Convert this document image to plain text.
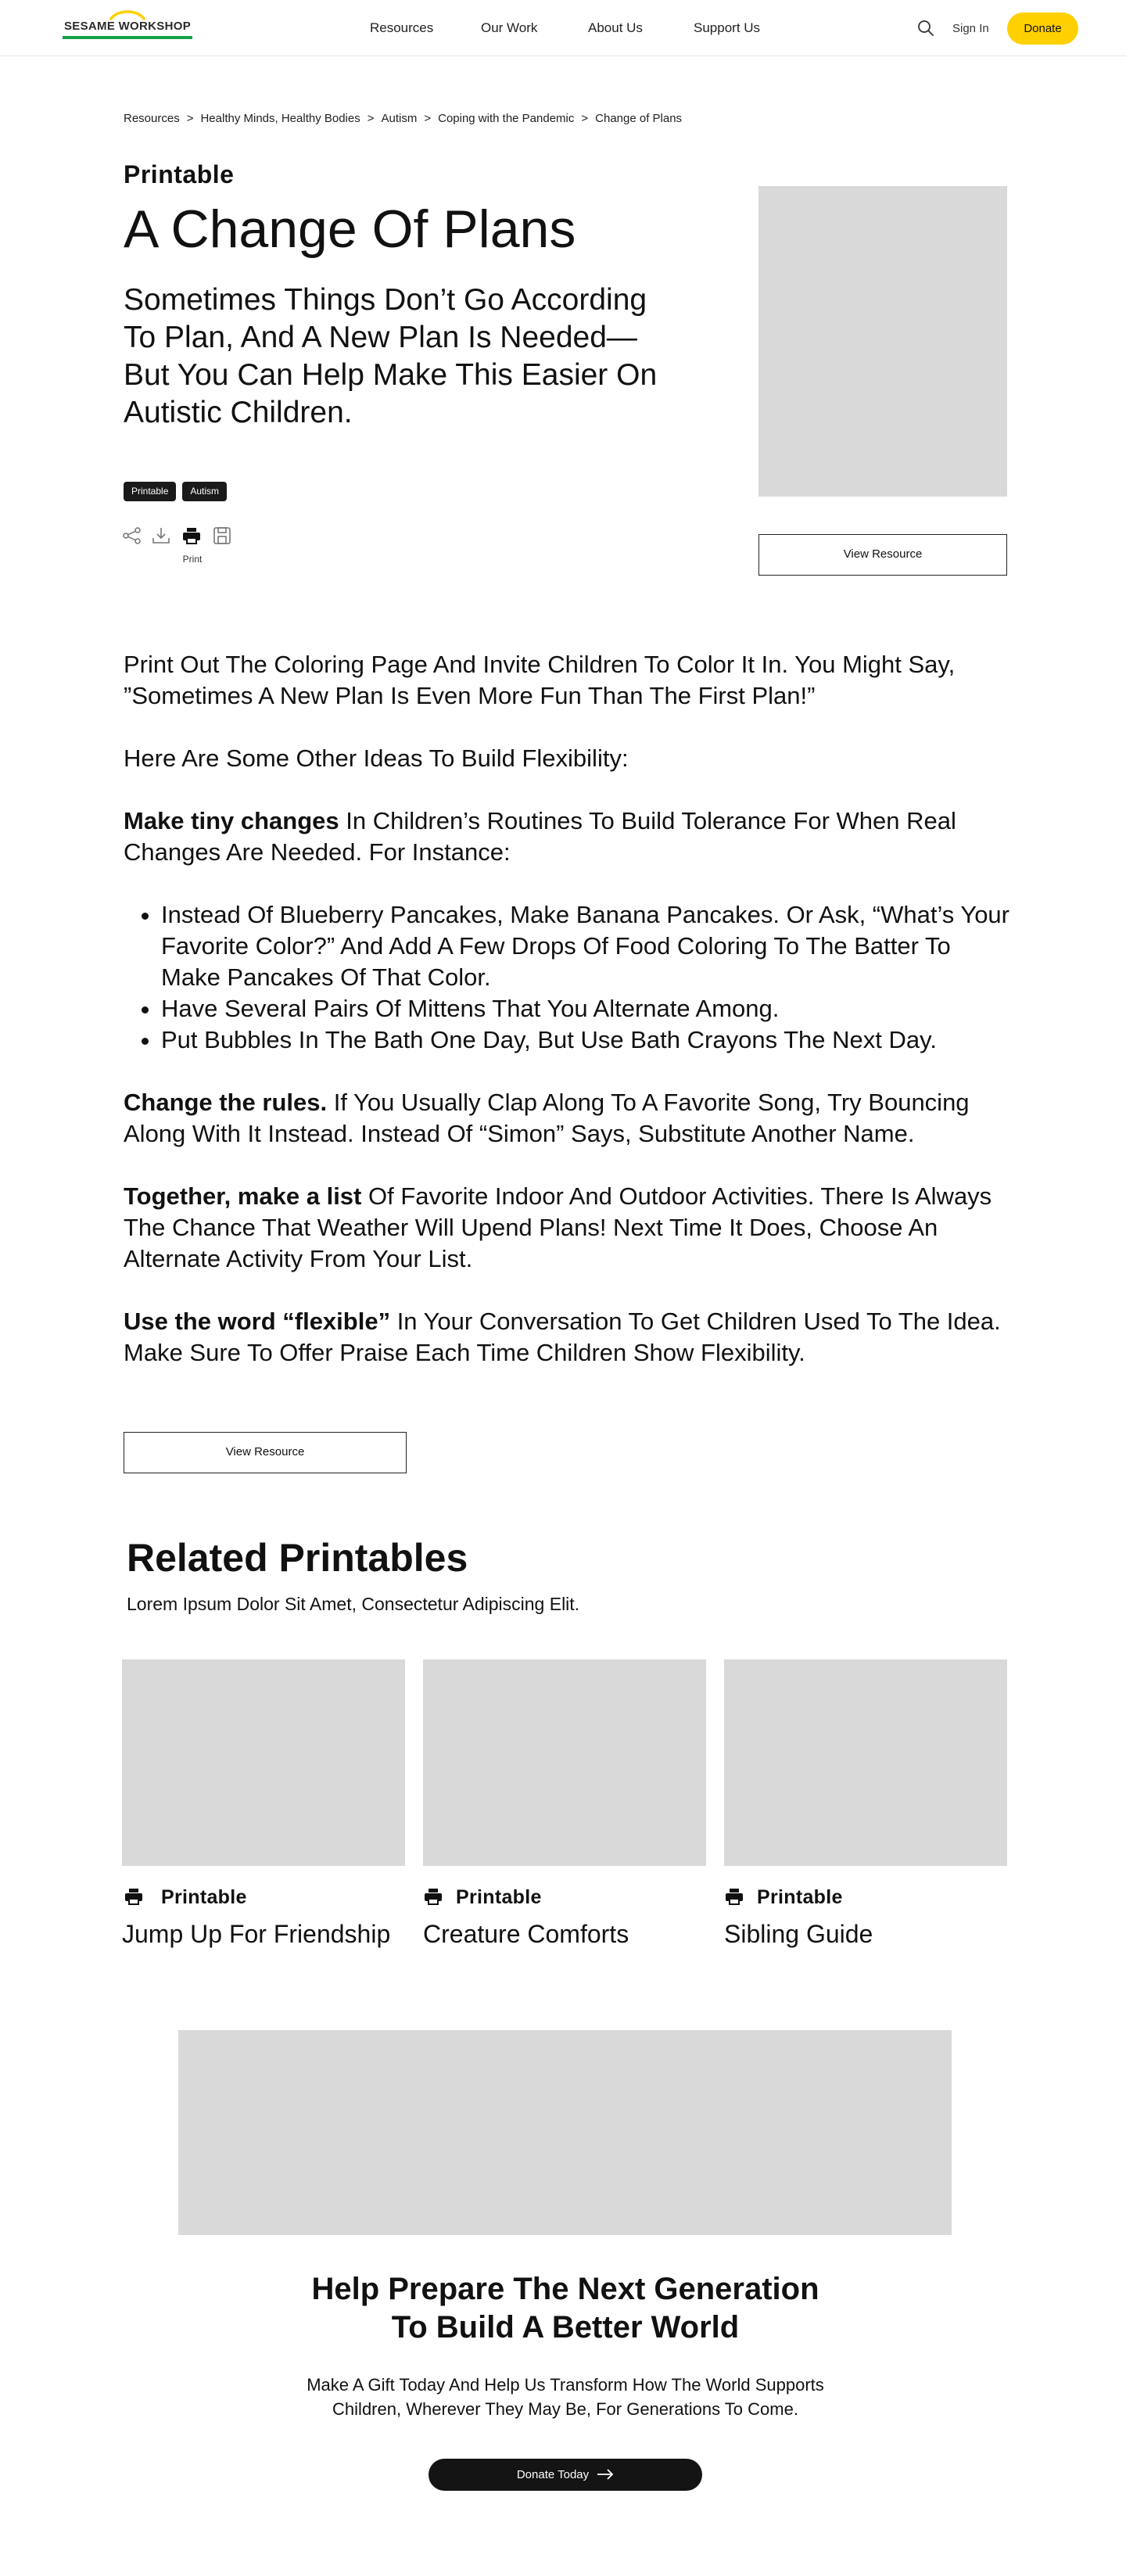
SESAME WORKSHOP	Resources	Our Work	About Us	Support Us	Sign In	Donate
Resources > Healthy Minds, Healthy Bodies > Autism > Coping with the Pandemic > Change of Plans
Printable
A Change Of Plans

Sometimes Things Don’t Go According To Plan, And A New Plan Is Needed—But You Can Help Make This Easier On Autistic Children.

Printable Autism
Print	View Resource

Print Out The Coloring Page And Invite Children To Color It In. You Might Say, ”Sometimes A New Plan Is Even More Fun Than The First Plan!”

Here Are Some Other Ideas To Build Flexibility:

Make tiny changes In Children’s Routines To Build Tolerance For When Real Changes Are Needed. For Instance:

• Instead Of Blueberry Pancakes, Make Banana Pancakes. Or Ask, “What’s Your Favorite Color?” And Add A Few Drops Of Food Coloring To The Batter To Make Pancakes Of That Color.
• Have Several Pairs Of Mittens That You Alternate Among.
• Put Bubbles In The Bath One Day, But Use Bath Crayons The Next Day.

Change the rules. If You Usually Clap Along To A Favorite Song, Try Bouncing Along With It Instead. Instead Of “Simon” Says, Substitute Another Name.

Together, make a list Of Favorite Indoor And Outdoor Activities. There Is Always The Chance That Weather Will Upend Plans! Next Time It Does, Choose An Alternate Activity From Your List.

Use the word “flexible” In Your Conversation To Get Children Used To The Idea. Make Sure To Offer Praise Each Time Children Show Flexibility.

View Resource
Related Printables

Lorem Ipsum Dolor Sit Amet, Consectetur Adipiscing Elit.

Printable
Jump Up For Friendship
Printable
Creature Comforts
Printable
Sibling Guide
Help Prepare The Next Generation To Build A Better World

Make A Gift Today And Help Us Transform How The World Supports Children, Wherever They May Be, For Generations To Come.

Donate Today
